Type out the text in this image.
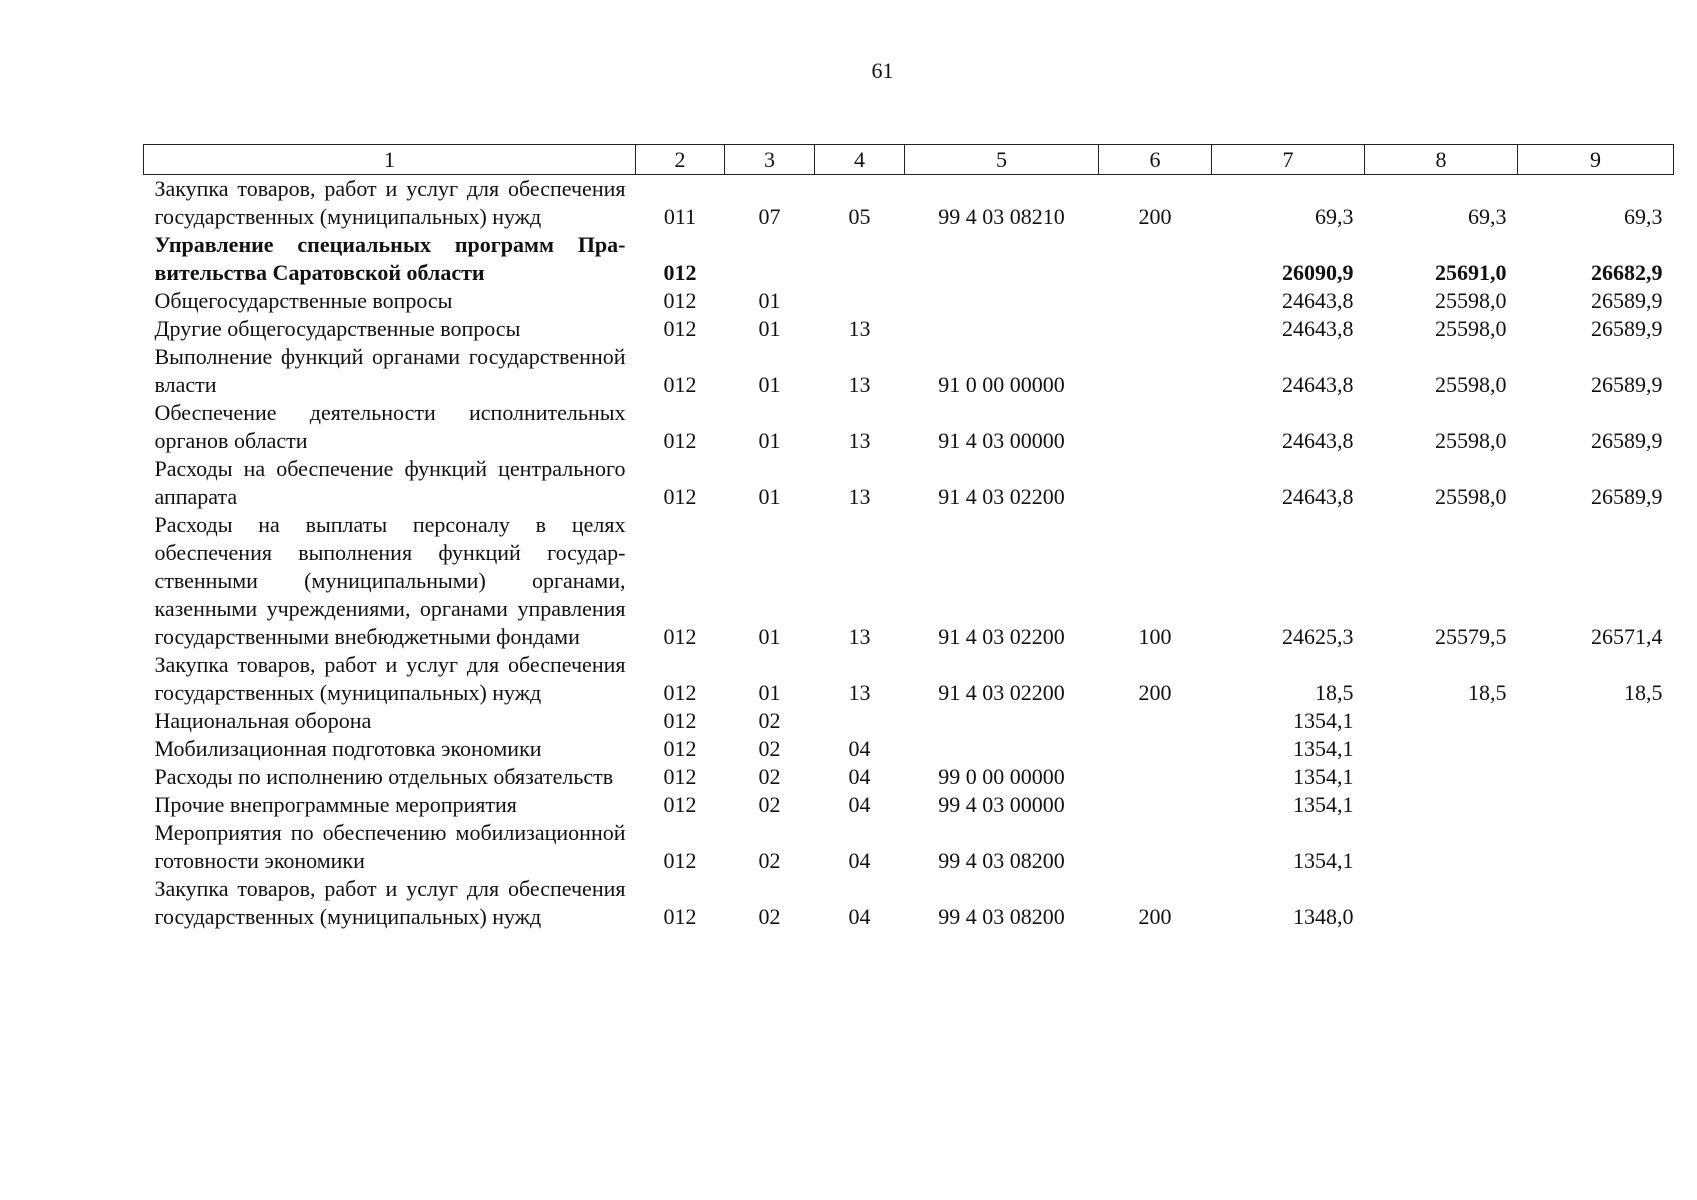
61
1	2	3	4	5	6	7	8	9
Закупка товаров, работ и услуг для обеспечения государственных (муниципальных) нужд	011	07	05	99 4 03 08210	200	69,3	69,3	69,3
Управление специальных программ Правительства Саратовской области	012					26090,9	25691,0	26682,9
Общегосударственные вопросы	012	01				24643,8	25598,0	26589,9
Другие общегосударственные вопросы	012	01	13			24643,8	25598,0	26589,9
Выполнение функций органами государственной власти	012	01	13	91 0 00 00000		24643,8	25598,0	26589,9
Обеспечение деятельности исполнительных органов области	012	01	13	91 4 03 00000		24643,8	25598,0	26589,9
Расходы на обеспечение функций центрального аппарата	012	01	13	91 4 03 02200		24643,8	25598,0	26589,9
Расходы на выплаты персоналу в целях обеспечения выполнения функций государственными (муниципальными) органами, казенными учреждениями, органами управления государственными внебюджетными фондами	012	01	13	91 4 03 02200	100	24625,3	25579,5	26571,4
Закупка товаров, работ и услуг для обеспечения государственных (муниципальных) нужд	012	01	13	91 4 03 02200	200	18,5	18,5	18,5
Национальная оборона	012	02				1354,1		
Мобилизационная подготовка экономики	012	02	04			1354,1		
Расходы по исполнению отдельных обязательств	012	02	04	99 0 00 00000		1354,1		
Прочие внепрограммные мероприятия	012	02	04	99 4 03 00000		1354,1		
Мероприятия по обеспечению мобилизационной готовности экономики	012	02	04	99 4 03 08200		1354,1		
Закупка товаров, работ и услуг для обеспечения государственных (муниципальных) нужд	012	02	04	99 4 03 08200	200	1348,0		
